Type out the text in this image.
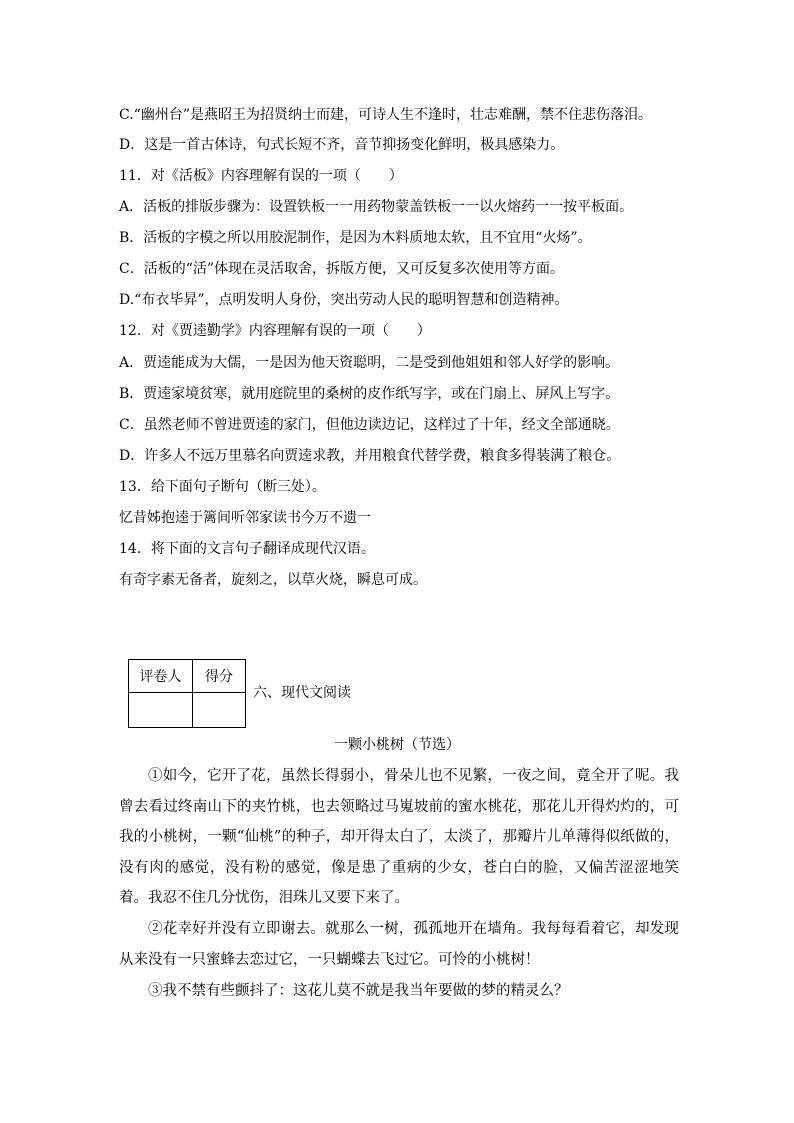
C.“幽州台”是燕昭王为招贤纳士而建，可诗人生不逢时，壮志难酬，禁不住悲伤落泪。
D．这是一首古体诗，句式长短不齐，音节抑扬变化鲜明，极具感染力。
11．对《活板》内容理解有误的一项（　　）
A．活板的排版步骤为：设置铁板一一用药物蒙盖铁板一一以火熔药一一按平板面。
B．活板的字模之所以用胶泥制作，是因为木料质地太软，且不宜用“火炀”。
C．活板的“活”体现在灵活取舍，拆版方便，又可反复多次使用等方面。
D.“布衣毕昇”，点明发明人身份，突出劳动人民的聪明智慧和创造精神。
12．对《贾逵勤学》内容理解有误的一项（　　）
A．贾逵能成为大儒，一是因为他天资聪明，二是受到他姐姐和邻人好学的影响。
B．贾逵家境贫寒，就用庭院里的桑树的皮作纸写字，或在门扇上、屏风上写字。
C．虽然老师不曾进贾逵的家门，但他边读边记，这样过了十年，经文全部通晓。
D．许多人不远万里慕名向贾逵求教，并用粮食代替学费，粮食多得装满了粮仓。
13．给下面句子断句（断三处）。
忆昔姊抱逵于篱间听邻家读书今万不遗一
14．将下面的文言句子翻译成现代汉语。
有奇字素无备者，旋刻之，以草火烧，瞬息可成。
评卷人	得分

六、现代文阅读
一颗小桃树（节选）
①如今，它开了花，虽然长得弱小，骨朵儿也不见繁，一夜之间，竟全开了呢。我曾去看过终南山下的夹竹桃，也去领略过马嵬坡前的蜜水桃花，那花儿开得灼灼的，可我的小桃树，一颗“仙桃”的种子，却开得太白了，太淡了，那瓣片儿单薄得似纸做的，没有肉的感觉，没有粉的感觉，像是患了重病的少女，苍白白的脸，又偏苦涩涩地笑着。我忍不住几分忧伤，泪珠儿又要下来了。
②花幸好并没有立即谢去。就那么一树，孤孤地开在墙角。我每每看着它，却发现从来没有一只蜜蜂去恋过它，一只蝴蝶去飞过它。可怜的小桃树！
③我不禁有些颤抖了：这花儿莫不就是我当年要做的梦的精灵么？
